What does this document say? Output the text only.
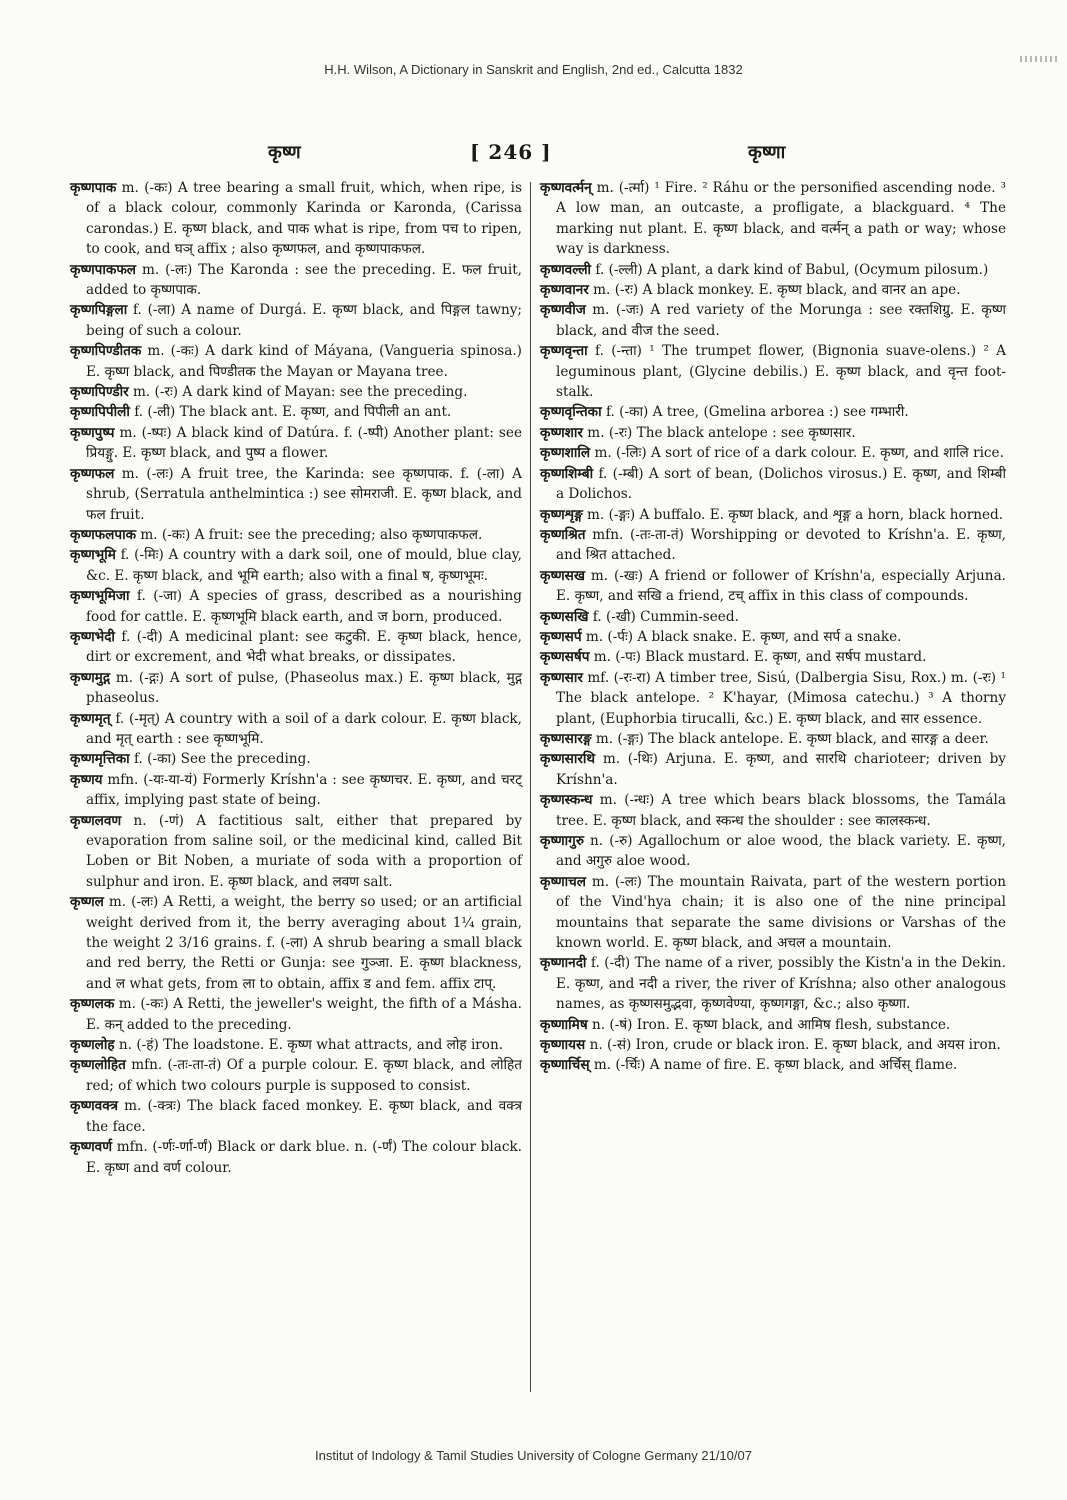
H.H. Wilson, A Dictionary in Sanskrit and English, 2nd ed., Calcutta 1832
कृष्ण	[ 246 ]	कृष्णा

कृष्णपाक m. (-कः) A tree bearing a small fruit, which, when ripe, is of a black colour, commonly Karinda or Karonda, (Carissa carondas.) E. कृष्ण black, and पाक what is ripe, from पच to ripen, to cook, and घञ् affix ; also कृष्णफल, and कृष्णपाकफल.

कृष्णपाकफल m. (-लः) The Karonda : see the preceding. E. फल fruit, added to कृष्णपाक.

कृष्णपिङ्गला f. (-ला) A name of Durgá. E. कृष्ण black, and पिङ्गल tawny; being of such a colour.

कृष्णपिण्डीतक m. (-कः) A dark kind of Máyana, (Vangueria spinosa.) E. कृष्ण black, and पिण्डीतक the Mayan or Mayana tree.

कृष्णपिण्डीर m. (-रः) A dark kind of Mayan: see the preceding.

कृष्णपिपीली f. (-ली) The black ant. E. कृष्ण, and पिपीली an ant.

कृष्णपुष्प m. (-ष्पः) A black kind of Datúra. f. (-ष्पी) Another plant: see प्रियङ्गु. E. कृष्ण black, and पुष्प a flower.

कृष्णफल m. (-लः) A fruit tree, the Karinda: see कृष्णपाक. f. (-ला) A shrub, (Serratula anthelmintica :) see सोमराजी. E. कृष्ण black, and फल fruit.

कृष्णफलपाक m. (-कः) A fruit: see the preceding; also कृष्णपाकफल.

कृष्णभूमि f. (-मिः) A country with a dark soil, one of mould, blue clay, &c. E. कृष्ण black, and भूमि earth; also with a final ष, कृष्णभूमः.

कृष्णभूमिजा f. (-जा) A species of grass, described as a nourishing food for cattle. E. कृष्णभूमि black earth, and ज born, produced.

कृष्णभेदी f. (-दी) A medicinal plant: see कटुकी. E. कृष्ण black, hence, dirt or excrement, and भेदी what breaks, or dissipates.

कृष्णमुद्ग m. (-द्गः) A sort of pulse, (Phaseolus max.) E. कृष्ण black, मुद्ग phaseolus.

कृष्णमृत् f. (-मृत्) A country with a soil of a dark colour. E. कृष्ण black, and मृत् earth : see कृष्णभूमि.

कृष्णमृत्तिका f. (-का) See the preceding.

कृष्णय mfn. (-यः-या-यं) Formerly Kríshn'a : see कृष्णचर. E. कृष्ण, and चरट् affix, implying past state of being.

कृष्णलवण n. (-णं) A factitious salt, either that prepared by evaporation from saline soil, or the medicinal kind, called Bit Loben or Bit Noben, a muriate of soda with a proportion of sulphur and iron. E. कृष्ण black, and लवण salt.

कृष्णल m. (-लः) A Retti, a weight, the berry so used; or an artificial weight derived from it, the berry averaging about 1¼ grain, the weight 2 3/16 grains. f. (-ला) A shrub bearing a small black and red berry, the Retti or Gunja: see गुञ्जा. E. कृष्ण blackness, and ल what gets, from ला to obtain, affix ड and fem. affix टाप्.

कृष्णलक m. (-कः) A Retti, the jeweller's weight, the fifth of a Másha. E. कन् added to the preceding.

कृष्णलोह n. (-हं) The loadstone. E. कृष्ण what attracts, and लोह iron.

कृष्णलोहित mfn. (-तः-ता-तं) Of a purple colour. E. कृष्ण black, and लोहित red; of which two colours purple is supposed to consist.

कृष्णवक्त्र m. (-क्त्रः) The black faced monkey. E. कृष्ण black, and वक्त्र the face.

कृष्णवर्ण mfn. (-र्णः-र्णा-र्णं) Black or dark blue. n. (-र्णं) The colour black. E. कृष्ण and वर्ण colour.

कृष्णवर्त्मन् m. (-र्त्मा) ¹ Fire. ² Ráhu or the personified ascending node. ³ A low man, an outcaste, a profligate, a blackguard. ⁴ The marking nut plant. E. कृष्ण black, and वर्त्मन् a path or way; whose way is darkness.

कृष्णवल्ली f. (-ल्ली) A plant, a dark kind of Babul, (Ocymum pilosum.)

कृष्णवानर m. (-रः) A black monkey. E. कृष्ण black, and वानर an ape.

कृष्णवीज m. (-जः) A red variety of the Morunga : see रक्तशिग्रु. E. कृष्ण black, and वीज the seed.

कृष्णवृन्ता f. (-न्ता) ¹ The trumpet flower, (Bignonia suave-olens.) ² A leguminous plant, (Glycine debilis.) E. कृष्ण black, and वृन्त foot-stalk.

कृष्णवृन्तिका f. (-का) A tree, (Gmelina arborea :) see गम्भारी.

कृष्णशार m. (-रः) The black antelope : see कृष्णसार.

कृष्णशालि m. (-लिः) A sort of rice of a dark colour. E. कृष्ण, and शालि rice.

कृष्णशिम्बी f. (-म्बी) A sort of bean, (Dolichos virosus.) E. कृष्ण, and शिम्बी a Dolichos.

कृष्णशृङ्ग m. (-ङ्गः) A buffalo. E. कृष्ण black, and शृङ्ग a horn, black horned.

कृष्णश्रित mfn. (-तः-ता-तं) Worshipping or devoted to Kríshn'a. E. कृष्ण, and श्रित attached.

कृष्णसख m. (-खः) A friend or follower of Kríshn'a, especially Arjuna. E. कृष्ण, and सखि a friend, टच् affix in this class of compounds.

कृष्णसखि f. (-खी) Cummin-seed.

कृष्णसर्प m. (-र्पः) A black snake. E. कृष्ण, and सर्प a snake.

कृष्णसर्षप m. (-पः) Black mustard. E. कृष्ण, and सर्षप mustard.

कृष्णसार mf. (-रः-रा) A timber tree, Sisú, (Dalbergia Sisu, Rox.) m. (-रः) ¹ The black antelope. ² K'hayar, (Mimosa catechu.) ³ A thorny plant, (Euphorbia tirucalli, &c.) E. कृष्ण black, and सार essence.

कृष्णसारङ्ग m. (-ङ्गः) The black antelope. E. कृष्ण black, and सारङ्ग a deer.

कृष्णसारथि m. (-थिः) Arjuna. E. कृष्ण, and सारथि charioteer; driven by Kríshn'a.

कृष्णस्कन्ध m. (-न्धः) A tree which bears black blossoms, the Tamála tree. E. कृष्ण black, and स्कन्ध the shoulder : see कालस्कन्ध.

कृष्णागुरु n. (-रु) Agallochum or aloe wood, the black variety. E. कृष्ण, and अगुरु aloe wood.

कृष्णाचल m. (-लः) The mountain Raivata, part of the western portion of the Vind'hya chain; it is also one of the nine principal mountains that separate the same divisions or Varshas of the known world. E. कृष्ण black, and अचल a mountain.

कृष्णानदी f. (-दी) The name of a river, possibly the Kistn'a in the Dekin. E. कृष्ण, and नदी a river, the river of Kríshna; also other analogous names, as कृष्णसमुद्भवा, कृष्णवेण्या, कृष्णगङ्गा, &c.; also कृष्णा.

कृष्णामिष n. (-षं) Iron. E. कृष्ण black, and आमिष flesh, substance.

कृष्णायस n. (-सं) Iron, crude or black iron. E. कृष्ण black, and अयस iron.

कृष्णार्चिस् m. (-र्चिः) A name of fire. E. कृष्ण black, and अर्चिस् flame.

Institut of Indology & Tamil Studies University of Cologne Germany 21/10/07
